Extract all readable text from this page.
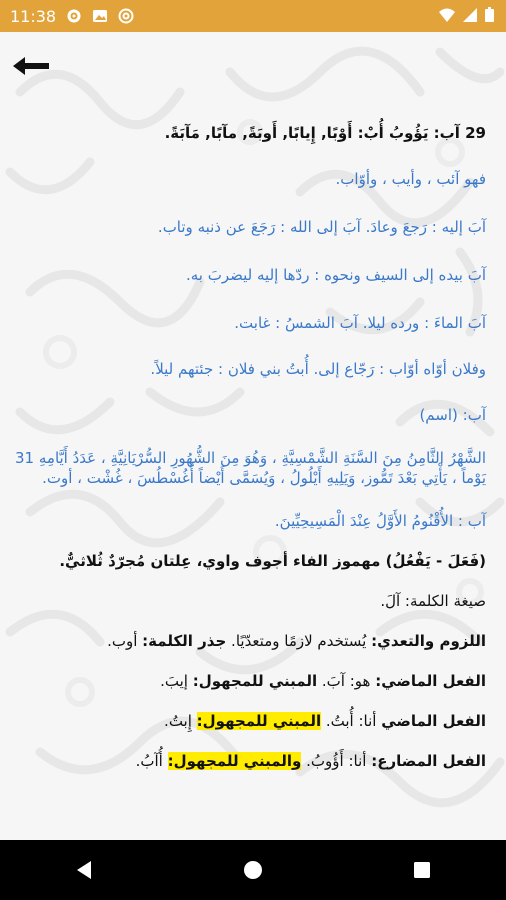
11:38

29 آب: يَؤُوبُ أُبْ: أَوْبًا, إِيابًا, أَوبَةً, مآبًا, مَآبَةً.

فهو آئب ، وأيب ، وأوّاب.

آبَ إليه : رَجعَ وعادَ. آبَ إلى الله : رَجَعَ عن ذنبه وتاب.

آبَ بيده إلى السيف ونحوه : ردّها إليه ليضربَ به.

آبَ الماءَ : ورده ليلا. آبَ الشمسُ : غابت.

وفلان أوّاه أوّاب : رَجّاع إلى. أُبتُ بني فلان : جئتهم ليلاً.

آب: (اسم)

الشَّهْرُ الثَّامِنُ مِنَ السَّنَةِ الشَّمْسِيَّةِ ، وَهُوَ مِنَ الشُّهُورِ السُّرْيَانِيَّةِ ، عَدَدُ أَيَّامِهِ 31 يَوْماً ، يَأْتِي بَعْدَ تَمُّوز، وَيَلِيهِ أَيْلُولُ ، وَيُسَمَّى أَيْضاً أُغُسْطُسَ ، غُشْت ، أوت.

آب : الأُقْنُومُ الأَوَّلُ عِنْدَ الْمَسِيحِيِّينَ.

(فَعَلَ - يَفْعُلُ) مهموز الفاء أجوف واوي، عِلتان مُجرّدٌ ثُلاثيٌّ.

صيغة الكلمة: آلَ.

اللزوم والتعدي: يُستخدم لازمًا ومتعدّيًا. جذر الكلمة: أوب.

الفعل الماضي: هو: آبَ. المبني للمجهول: إيبَ.

الفعل الماضي أنا: أُبتُ. المبني للمجهول: إِبتُ.

الفعل المضارع: أنا: أَؤُوبُ. والمبني للمجهول: أُآبُ.
